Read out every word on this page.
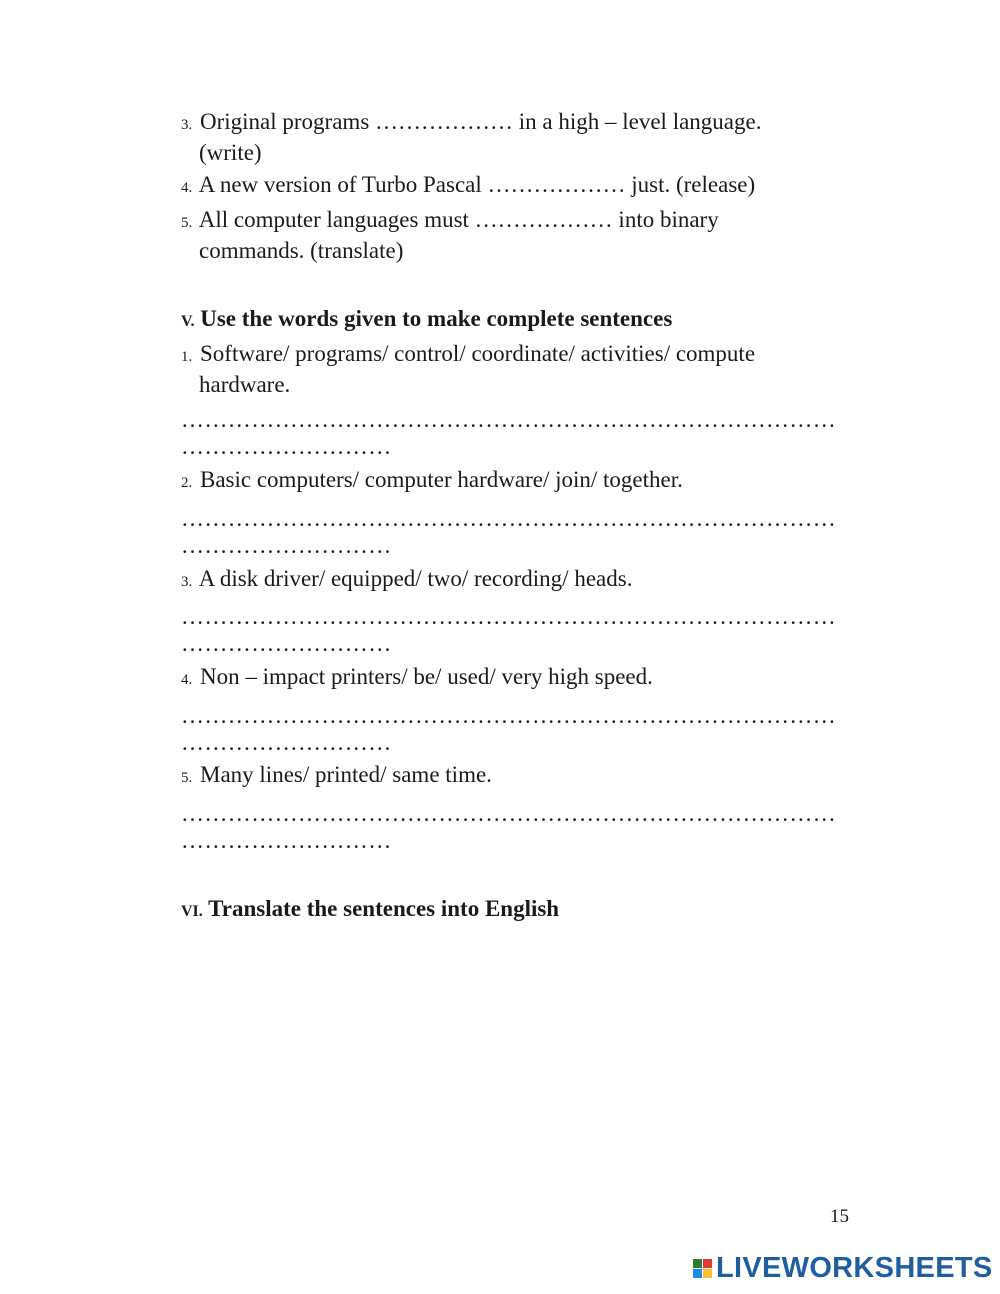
3. Original programs ……………… in a high – level language.
(write)
4. A new version of Turbo Pascal ……………… just. (release)
5. All computer languages must ……………… into binary
commands. (translate)
V. Use the words given to make complete sentences
1. Software/ programs/ control/ coordinate/ activities/ compute
hardware.
…………………………………………………………………………
………………………
2. Basic computers/ computer hardware/ join/ together.
…………………………………………………………………………
………………………
3. A disk driver/ equipped/ two/ recording/ heads.
…………………………………………………………………………
………………………
4. Non – impact printers/ be/ used/ very high speed.
…………………………………………………………………………
………………………
5. Many lines/ printed/ same time.
…………………………………………………………………………
………………………
VI. Translate the sentences into English
15
LIVEWORKSHEETS
